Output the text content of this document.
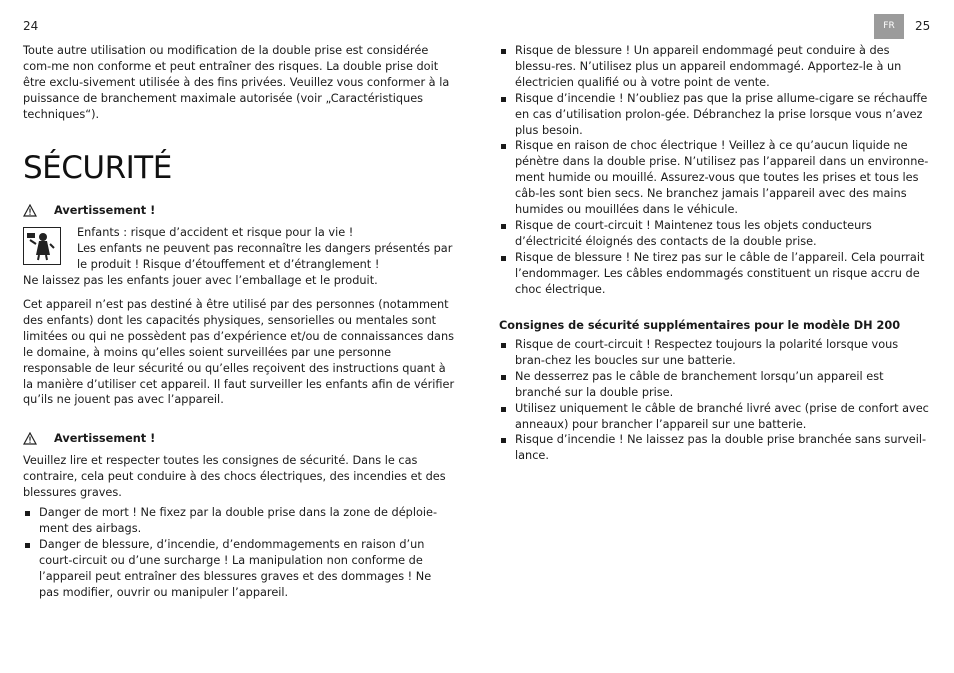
24

Toute autre utilisation ou modification de la double prise est considérée com-me non conforme et peut entraîner des risques. La double prise doit être exclu-sivement utilisée à des fins privées. Veuillez vous conformer à la puissance de branchement maximale autorisée (voir „Caractéristiques techniques“).

SÉCURITÉ
Avertissement !

Enfants : risque d’accident et risque pour la vie !

Les enfants ne peuvent pas reconnaître les dangers présentés par

le produit ! Risque d’étouffement et d’étranglement !

Ne laissez pas les enfants jouer avec l’emballage et le produit.

Cet appareil n’est pas destiné à être utilisé par des personnes (notamment des enfants) dont les capacités physiques, sensorielles ou mentales sont limitées ou qui ne possèdent pas d’expérience et/ou de connaissances dans le domaine, à moins qu’elles soient surveillées par une personne responsable de leur sécurité ou qu’elles reçoivent des instructions quant à la manière d’utiliser cet appareil. Il faut surveiller les enfants afin de vérifier qu’ils ne jouent pas avec l’appareil.

Avertissement !

Veuillez lire et respecter toutes les consignes de sécurité. Dans le cas contraire, cela peut conduire à des chocs électriques, des incendies et des blessures graves.

Danger de mort ! Ne fixez par la double prise dans la zone de déploie-ment des airbags.
Danger de blessure, d’incendie, d’endommagements en raison d’un court-circuit ou d’une surcharge ! La manipulation non conforme de l’appareil peut entraîner des blessures graves et des dommages ! Ne pas modifier, ouvrir ou manipuler l’appareil.
FR	25
Risque de blessure ! Un appareil endommagé peut conduire à des blessu-res. N’utilisez plus un appareil endommagé. Apportez-le à un électricien qualifié ou à votre point de vente.
Risque d’incendie ! N’oubliez pas que la prise allume-cigare se réchauffe en cas d’utilisation prolon-gée. Débranchez la prise lorsque vous n’avez plus besoin.
Risque en raison de choc électrique ! Veillez à ce qu’aucun liquide ne pénètre dans la double prise. N’utilisez pas l’appareil dans un environne-ment humide ou mouillé. Assurez-vous que toutes les prises et tous les câb-les sont bien secs. Ne branchez jamais l’appareil avec des mains humides ou mouillées dans le véhicule.
Risque de court-circuit ! Maintenez tous les objets conducteurs d’électricité éloignés des contacts de la double prise.
Risque de blessure ! Ne tirez pas sur le câble de l’appareil. Cela pourrait l’endommager. Les câbles endommagés constituent un risque accru de choc électrique.

Consignes de sécurité supplémentaires pour le modèle DH 200

Risque de court-circuit ! Respectez toujours la polarité lorsque vous bran-chez les boucles sur une batterie.
Ne desserrez pas le câble de branchement lorsqu’un appareil est branché sur la double prise.
Utilisez uniquement le câble de branché livré avec (prise de confort avec anneaux) pour brancher l’appareil sur une batterie.
Risque d’incendie ! Ne laissez pas la double prise branchée sans surveil-lance.
